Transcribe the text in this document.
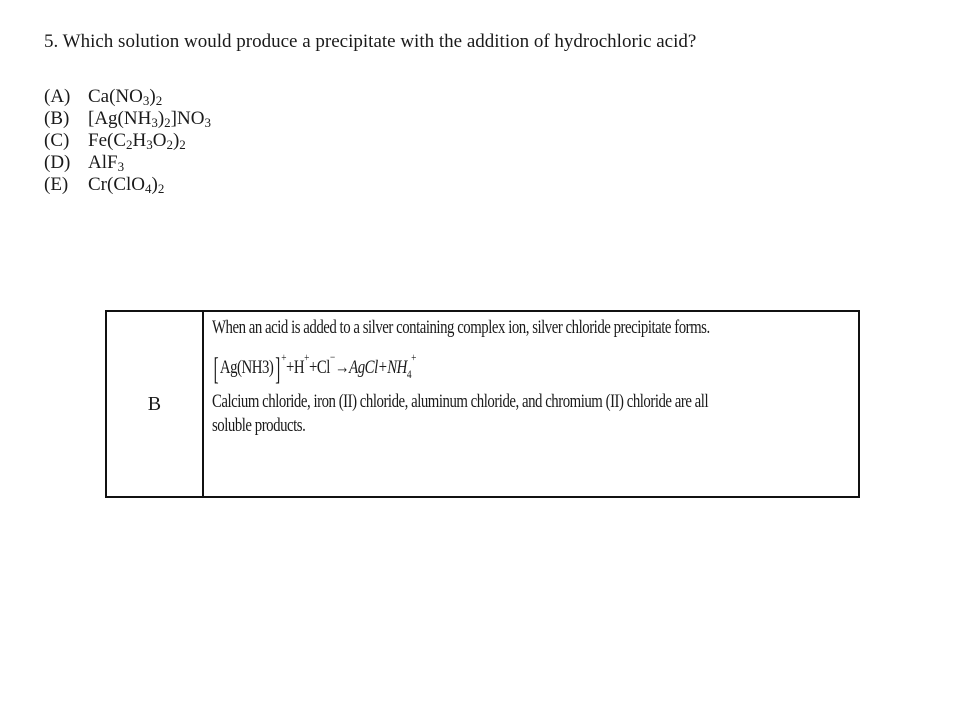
5. Which solution would produce a precipitate with the addition of hydrochloric acid?
(A) $Ca(NO_3)_2$
(B) $[Ag(NH_3)_2]NO_3$
(C) $Fe(C_2H_3O_2)_2$
(D) AlF$_3$
(E) $Cr(ClO_4)_2$
B
When an acid is added to a silver containing complex ion, silver chloride precipitate forms.
[ Ag(NH3) ] + +H + +Cl − → AgCl+NH $_4$
+
Calcium chloride, iron (II) chloride, aluminum chloride, and chromium (II) chloride are all
soluble products.
